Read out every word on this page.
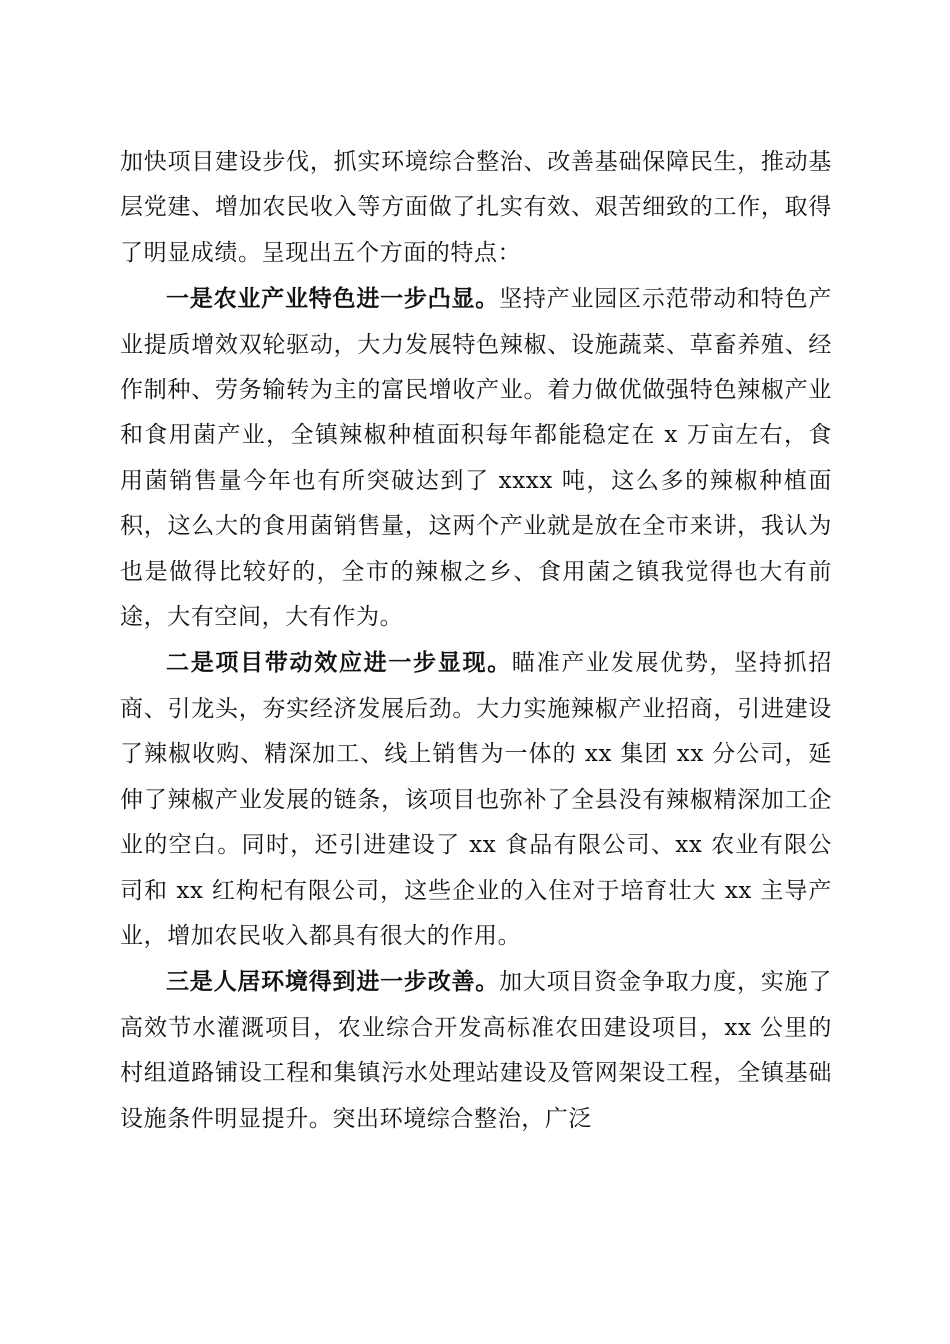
加快项目建设步伐，抓实环境综合整治、改善基础保障民生，推动基层党建、增加农民收入等方面做了扎实有效、艰苦细致的工作，取得了明显成绩。呈现出五个方面的特点：

一是农业产业特色进一步凸显。坚持产业园区示范带动和特色产业提质增效双轮驱动，大力发展特色辣椒、设施蔬菜、草畜养殖、经作制种、劳务输转为主的富民增收产业。着力做优做强特色辣椒产业和食用菌产业，全镇辣椒种植面积每年都能稳定在 x 万亩左右，食用菌销售量今年也有所突破达到了 xxxx 吨，这么多的辣椒种植面积，这么大的食用菌销售量，这两个产业就是放在全市来讲，我认为也是做得比较好的，全市的辣椒之乡、食用菌之镇我觉得也大有前途，大有空间，大有作为。

二是项目带动效应进一步显现。瞄准产业发展优势，坚持抓招商、引龙头，夯实经济发展后劲。大力实施辣椒产业招商，引进建设了辣椒收购、精深加工、线上销售为一体的 xx 集团 xx 分公司，延伸了辣椒产业发展的链条，该项目也弥补了全县没有辣椒精深加工企业的空白。同时，还引进建设了 xx 食品有限公司、xx 农业有限公司和 xx 红枸杞有限公司，这些企业的入住对于培育壮大 xx 主导产业，增加农民收入都具有很大的作用。

三是人居环境得到进一步改善。加大项目资金争取力度，实施了高效节水灌溉项目，农业综合开发高标准农田建设项目，xx 公里的村组道路铺设工程和集镇污水处理站建设及管网架设工程，全镇基础设施条件明显提升。突出环境综合整治，广泛
